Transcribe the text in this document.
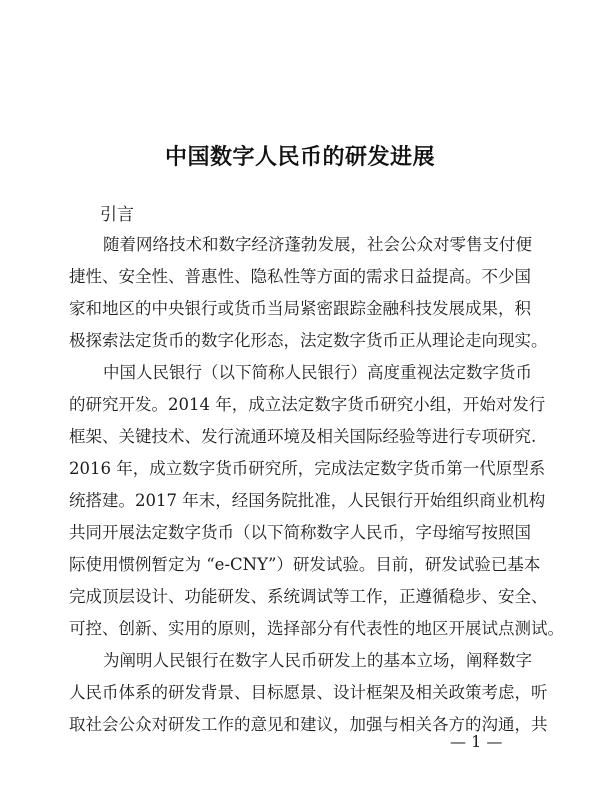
中国数字人民币的研发进展
引言
随着网络技术和数字经济蓬勃发展，社会公众对零售支付便
捷性、安全性、普惠性、隐私性等方面的需求日益提高。不少国
家和地区的中央银行或货币当局紧密跟踪金融科技发展成果，积
极探索法定货币的数字化形态，法定数字货币正从理论走向现实。
中国人民银行（以下简称人民银行）高度重视法定数字货币
的研究开发。2014 年，成立法定数字货币研究小组，开始对发行
框架、关键技术、发行流通环境及相关国际经验等进行专项研究.
2016 年，成立数字货币研究所，完成法定数字货币第一代原型系
统搭建。2017 年末，经国务院批准，人民银行开始组织商业机构
共同开展法定数字货币（以下简称数字人民币，字母缩写按照国
际使用惯例暂定为 “e-CNY”）研发试验。目前，研发试验已基本
完成顶层设计、功能研发、系统调试等工作，正遵循稳步、安全、
可控、创新、实用的原则，选择部分有代表性的地区开展试点测试。
为阐明人民银行在数字人民币研发上的基本立场，阐释数字
人民币体系的研发背景、目标愿景、设计框架及相关政策考虑，听
取社会公众对研发工作的意见和建议，加强与相关各方的沟通，共
— 1 —
